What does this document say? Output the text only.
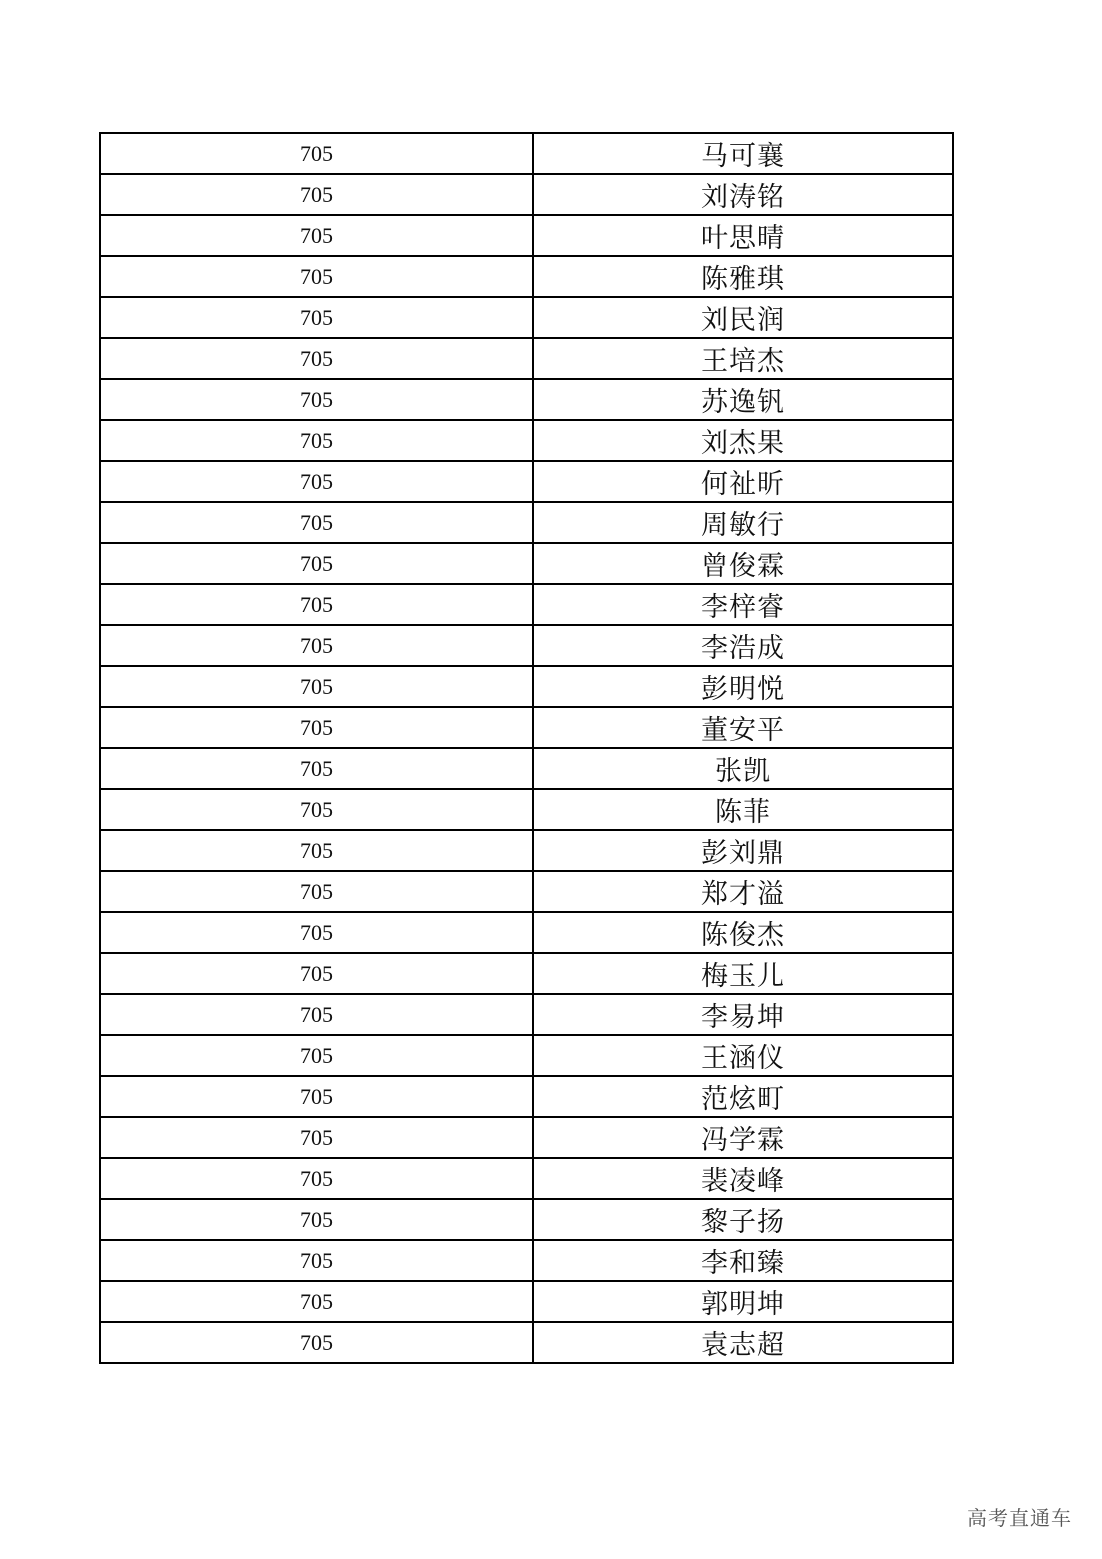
705	马可襄
705	刘涛铭
705	叶思晴
705	陈雅琪
705	刘民润
705	王培杰
705	苏逸钒
705	刘杰果
705	何祉昕
705	周敏行
705	曾俊霖
705	李梓睿
705	李浩成
705	彭明悦
705	董安平
705	张凯
705	陈菲
705	彭刘鼎
705	郑才溢
705	陈俊杰
705	梅玉儿
705	李易坤
705	王涵仪
705	范炫町
705	冯学霖
705	裴凌峰
705	黎子扬
705	李和臻
705	郭明坤
705	袁志超
高考直通车
